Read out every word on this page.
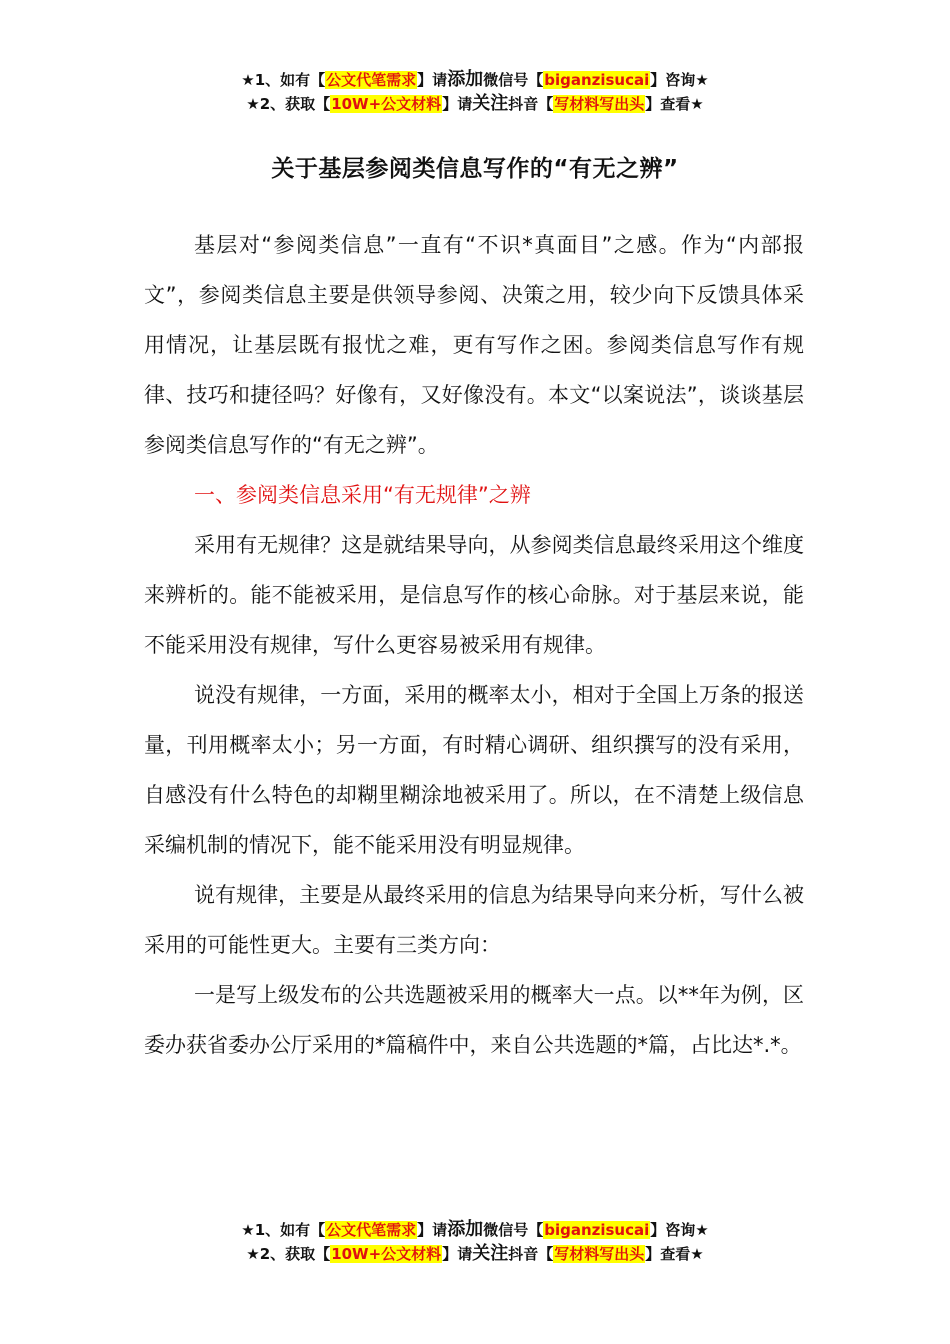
★1、如有【公文代笔需求】请添加微信号【biganzisucai】咨询★
★2、获取【10W+公文材料】请关注抖音【写材料写出头】查看★
关于基层参阅类信息写作的“有无之辨”

基层对“参阅类信息”一直有“不识*真面目”之感。作为“内部报文”，参阅类信息主要是供领导参阅、决策之用，较少向下反馈具体采用情况，让基层既有报忧之难，更有写作之困。参阅类信息写作有规律、技巧和捷径吗？好像有，又好像没有。本文“以案说法”，谈谈基层参阅类信息写作的“有无之辨”。

一、参阅类信息采用“有无规律”之辨

采用有无规律？这是就结果导向，从参阅类信息最终采用这个维度来辨析的。能不能被采用，是信息写作的核心命脉。对于基层来说，能不能采用没有规律，写什么更容易被采用有规律。

说没有规律，一方面，采用的概率太小，相对于全国上万条的报送量，刊用概率太小；另一方面，有时精心调研、组织撰写的没有采用，自感没有什么特色的却糊里糊涂地被采用了。所以，在不清楚上级信息采编机制的情况下，能不能采用没有明显规律。

说有规律，主要是从最终采用的信息为结果导向来分析，写什么被采用的可能性更大。主要有三类方向：

一是写上级发布的公共选题被采用的概率大一点。以**年为例，区委办获省委办公厅采用的*篇稿件中，来自公共选题的*篇，占比达*.*。

★1、如有【公文代笔需求】请添加微信号【biganzisucai】咨询★
★2、获取【10W+公文材料】请关注抖音【写材料写出头】查看★
